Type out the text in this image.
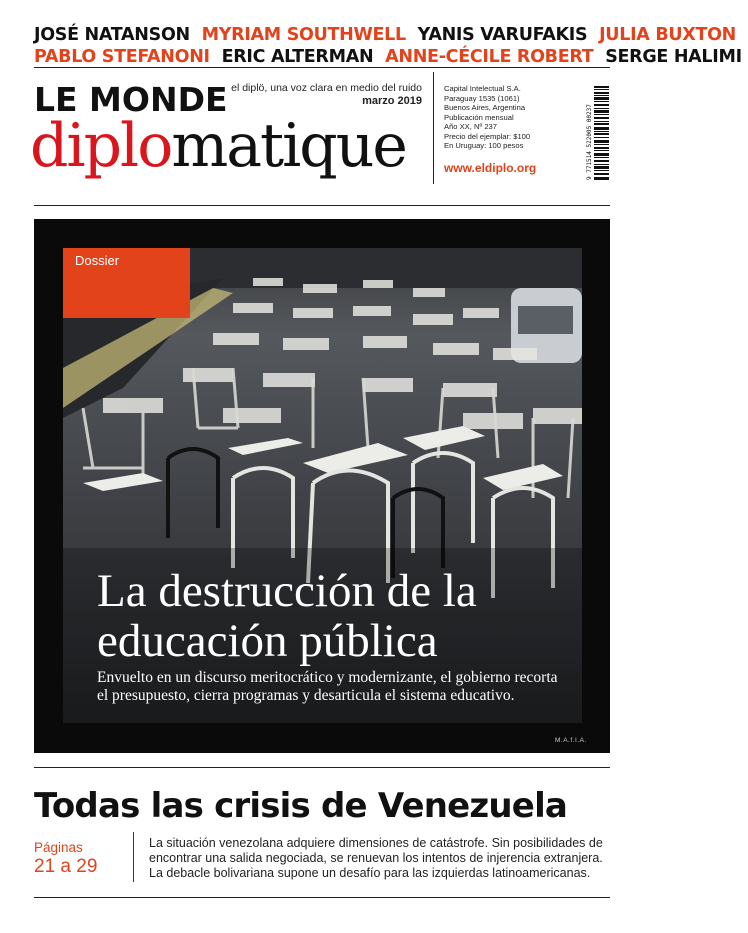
JOSÉ NATANSON MYRIAM SOUTHWELL YANIS VARUFAKIS JULIA BUXTON
PABLO STEFANONI ERIC ALTERMAN ANNE-CÉCILE ROBERT SERGE HALIMI
LE MONDE
diplomatique
el diplö, una voz clara en medio del ruido
marzo 2019
Capital Intelectual S.A.
Paraguay 1535 (1061)
Buenos Aires, Argentina
Publicación mensual
Año XX, Nº 237
Precio del ejemplar: $100
En Uruguay: 100 pesos
www.eldiplo.org	9 771514 522005 00237
Dossier
La destrucción de la
educación pública
Envuelto en un discurso meritocrático y modernizante, el gobierno recorta
el presupuesto, cierra programas y desarticula el sistema educativo.
M.A.f.I.A.
Todas las crisis de Venezuela
Páginas
21 a 29
La situación venezolana adquiere dimensiones de catástrofe. Sin posibilidades de encontrar una salida negociada, se renuevan los intentos de injerencia extranjera. La debacle bolivariana supone un desafío para las izquierdas latinoamericanas.
